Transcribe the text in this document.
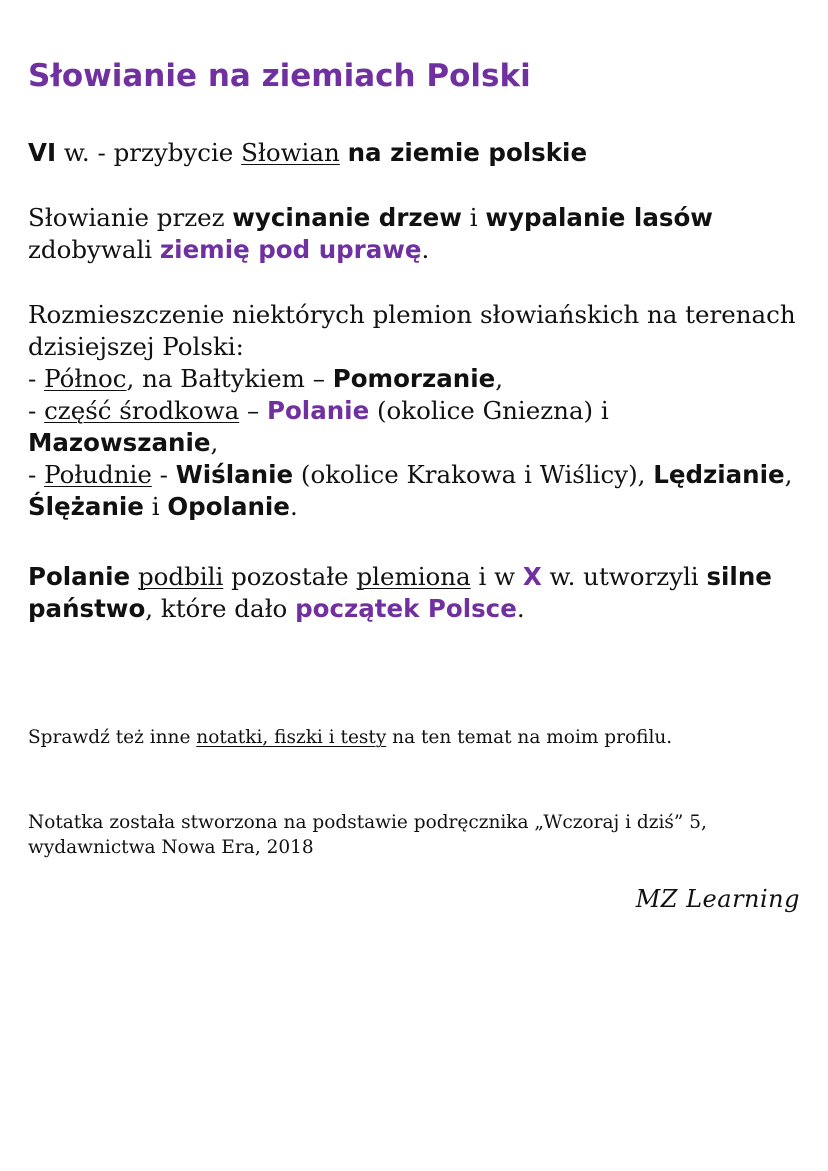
Słowianie na ziemiach Polski
VI w. - przybycie Słowian na ziemie polskie
Słowianie przez wycinanie drzew i wypalanie lasów zdobywali ziemię pod uprawę.
Rozmieszczenie niektórych plemion słowiańskich na terenach dzisiejszej Polski:
- Północ, na Bałtykiem – Pomorzanie,
- część środkowa – Polanie (okolice Gniezna) i Mazowszanie,
- Południe - Wiślanie (okolice Krakowa i Wiślicy), Lędzianie, Ślężanie i Opolanie.
Polanie podbili pozostałe plemiona i w X w. utworzyli silne państwo, które dało początek Polsce.
Sprawdź też inne notatki, fiszki i testy na ten temat na moim profilu.
Notatka została stworzona na podstawie podręcznika „Wczoraj i dziś” 5, wydawnictwa Nowa Era, 2018
MZ Learning
